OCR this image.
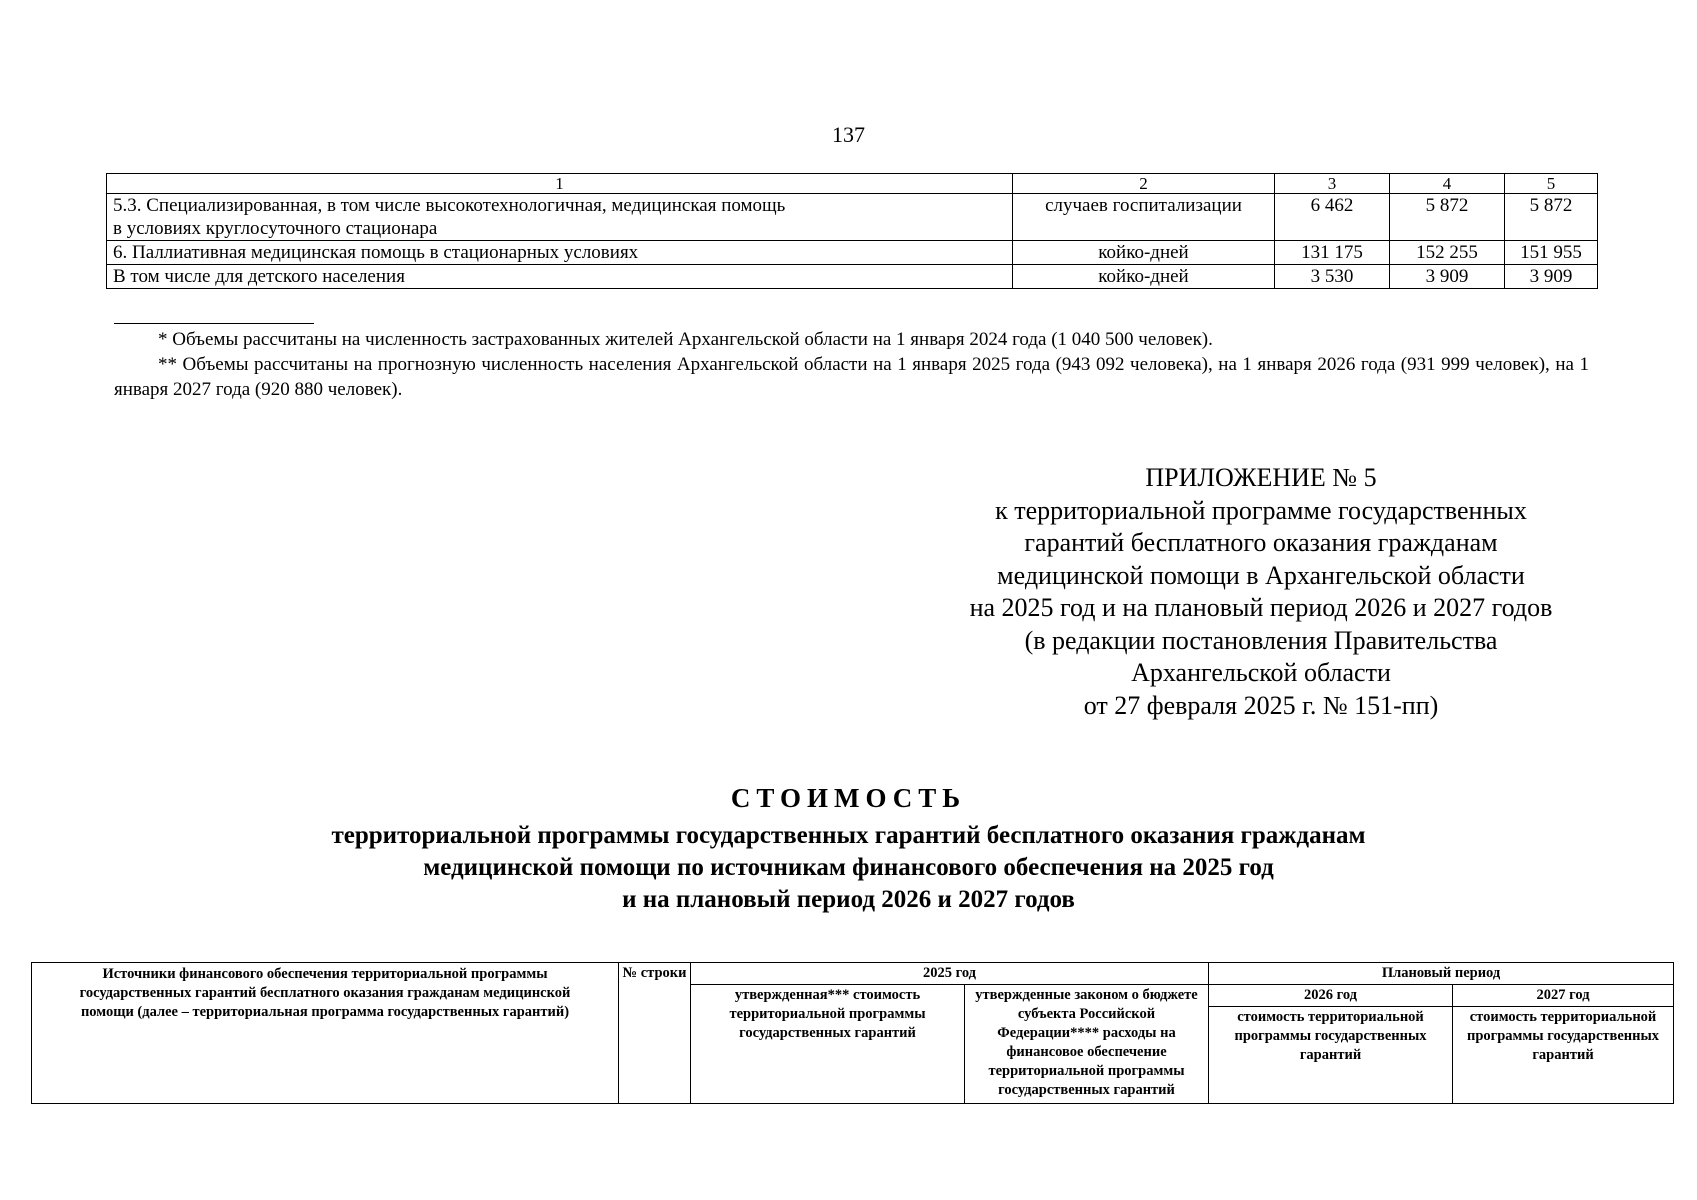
137
1	2	3	4	5

5.3. Специализированная, в том числе высокотехнологичная, медицинская помощь
в условиях круглосуточного стационара	случаев госпитализации	6 462	5 872	5 872
6. Паллиативная медицинская помощь в стационарных условиях	койко-дней	131 175	152 255	151 955
В том числе для детского населения	койко-дней	3 530	3 909	3 909

* Объемы рассчитаны на численность застрахованных жителей Архангельской области на 1 января 2024 года (1 040 500 человек).

** Объемы рассчитаны на прогнозную численность населения Архангельской области на 1 января 2025 года (943 092 человека), на 1 января 2026 года (931 999 человек), на 1 января 2027 года (920 880 человек).

ПРИЛОЖЕНИЕ № 5
к территориальной программе государственных
гарантий бесплатного оказания гражданам
медицинской помощи в Архангельской области
на 2025 год и на плановый период 2026 и 2027 годов
(в редакции постановления Правительства
Архангельской области
от 27 февраля 2025 г. № 151-пп)
СТОИМОСТЬ
территориальной программы государственных гарантий бесплатного оказания гражданам
медицинской помощи по источникам финансового обеспечения на 2025 год
и на плановый период 2026 и 2027 годов
Источники финансового обеспечения территориальной программы государственных гарантий бесплатного оказания гражданам медицинской помощи (далее – территориальная программа государственных гарантий)	№ строки	2025 год		Плановый период	
		утвержденная*** стоимость территориальной программы государственных гарантий	утвержденные законом о бюджете субъекта Российской Федерации**** расходы на финансовое обеспечение территориальной программы государственных гарантий	2026 год	2027 год
				стоимость территориальной программы государственных гарантий	стоимость территориальной программы государственных гарантий
